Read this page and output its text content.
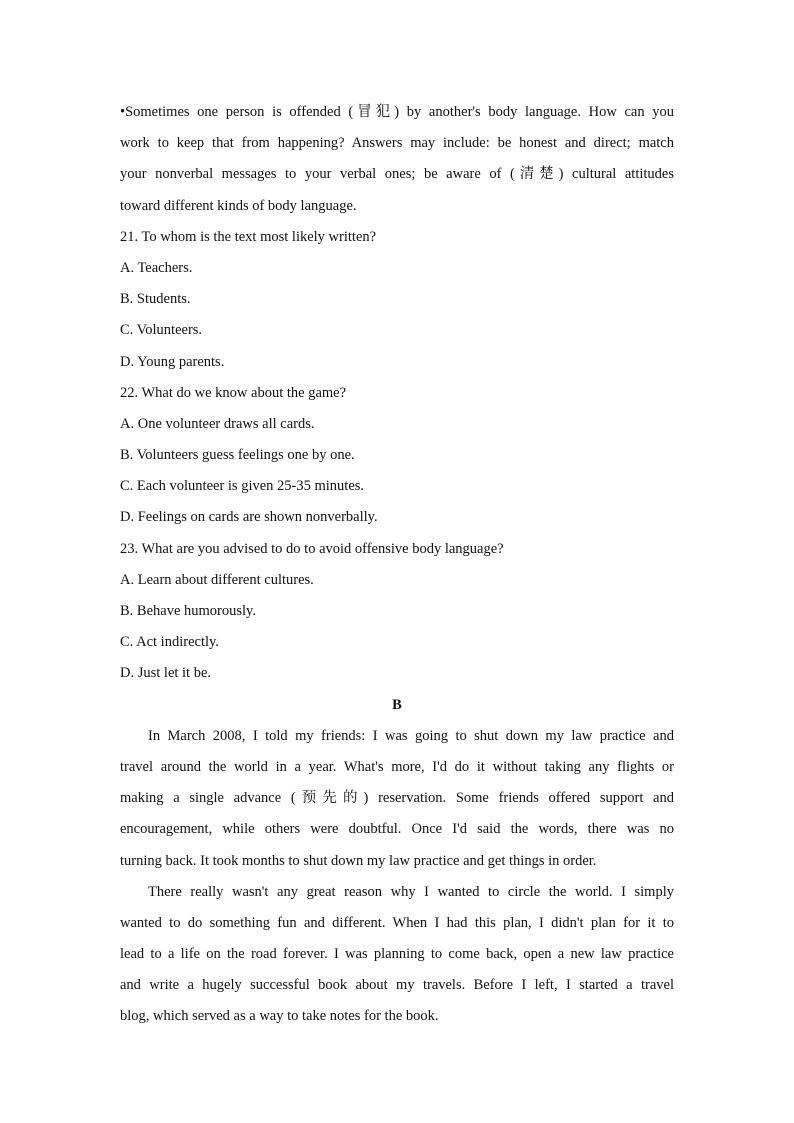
•Sometimes one person is offended (冒犯) by another's body language. How can you
work to keep that from happening? Answers may include: be honest and direct; match
your nonverbal messages to your verbal ones; be aware of (清楚) cultural attitudes
toward different kinds of body language.
21. To whom is the text most likely written?
A. Teachers.
B. Students.
C. Volunteers.
D. Young parents.
22. What do we know about the game?
A. One volunteer draws all cards.
B. Volunteers guess feelings one by one.
C. Each volunteer is given 25-35 minutes.
D. Feelings on cards are shown nonverbally.
23. What are you advised to do to avoid offensive body language?
A. Learn about different cultures.
B. Behave humorously.
C. Act indirectly.
D. Just let it be.
B
In March 2008, I told my friends: I was going to shut down my law practice and
travel around the world in a year. What's more, I'd do it without taking any flights or
making a single advance (预先的) reservation. Some friends offered support and
encouragement, while others were doubtful. Once I'd said the words, there was no
turning back. It took months to shut down my law practice and get things in order.
There really wasn't any great reason why I wanted to circle the world. I simply
wanted to do something fun and different. When I had this plan, I didn't plan for it to
lead to a life on the road forever. I was planning to come back, open a new law practice
and write a hugely successful book about my travels. Before I left, I started a travel
blog, which served as a way to take notes for the book.
